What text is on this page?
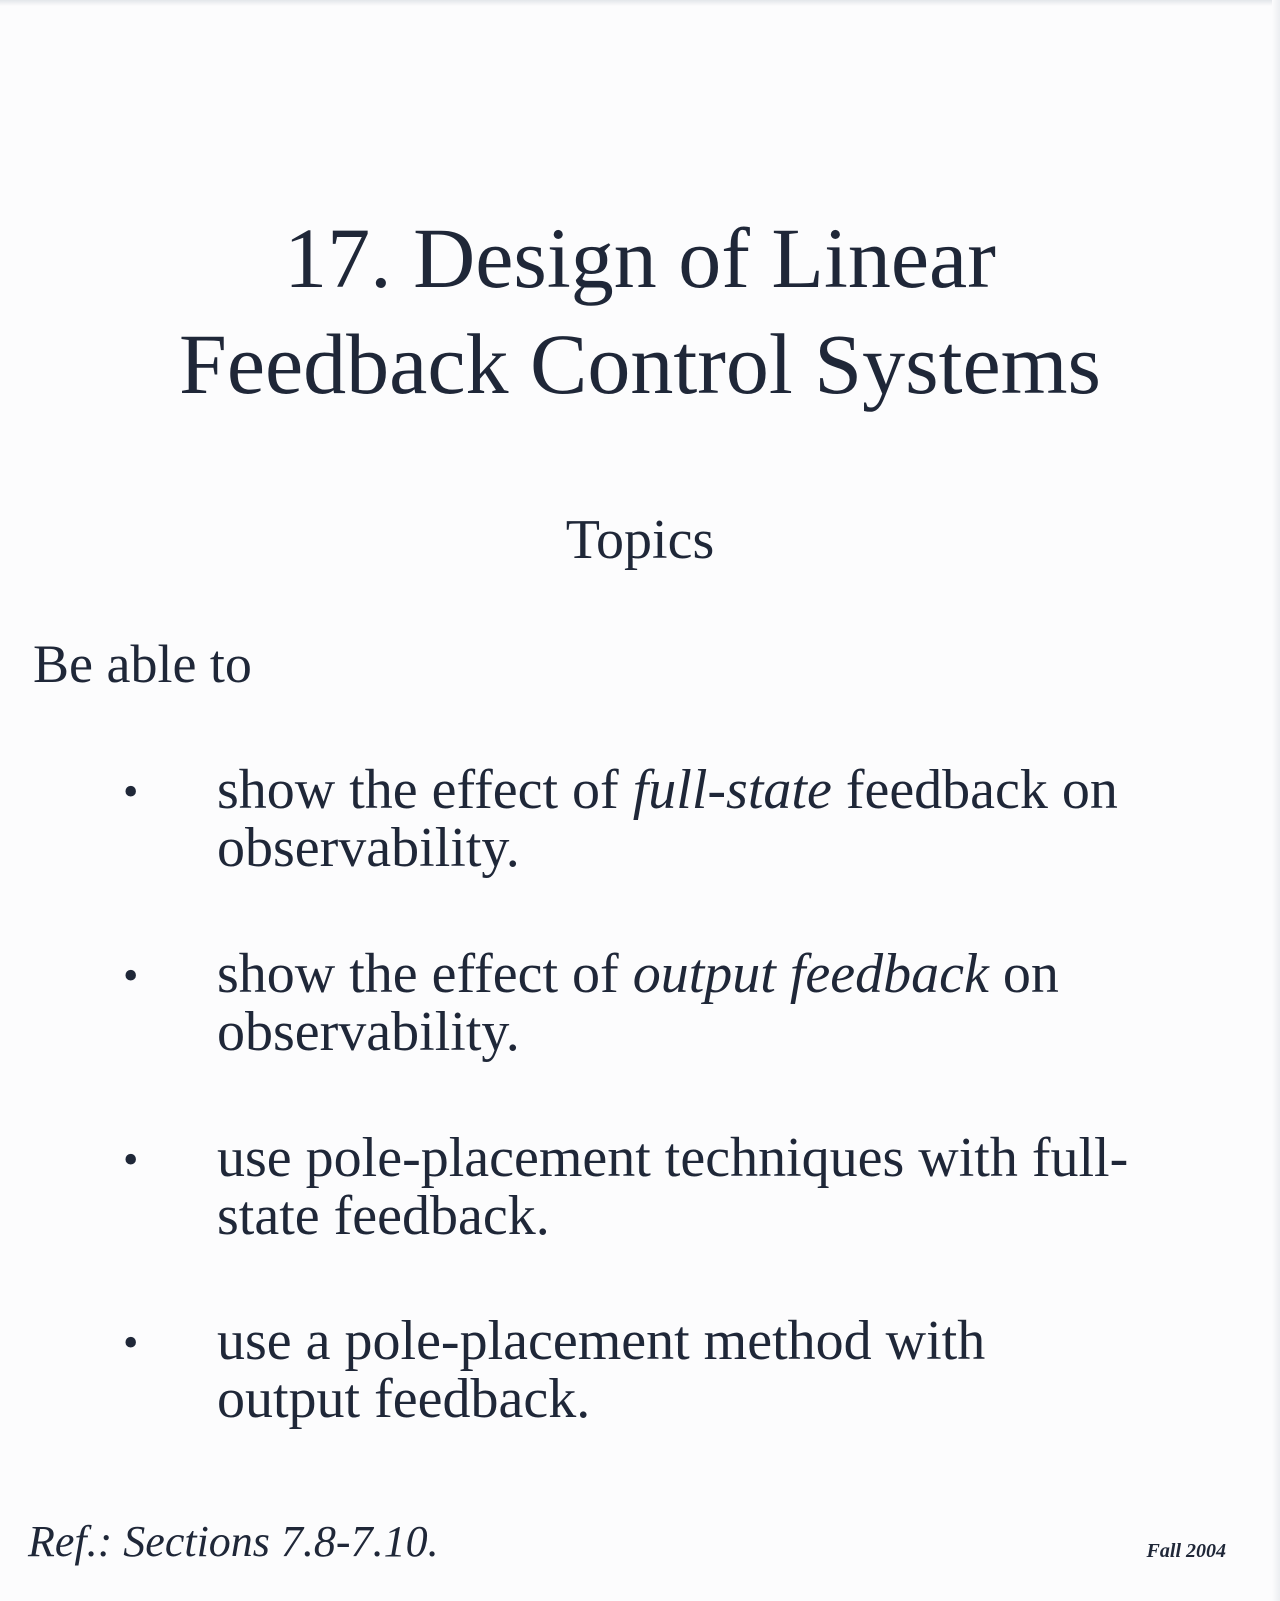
17. Design of Linear
Feedback Control Systems
Topics
Be able to
• show the effect of full-state feedback on
observability.
• show the effect of output feedback on
observability.
• use pole-placement techniques with full-
state feedback.
• use a pole-placement method with
output feedback.
Ref.: Sections 7.8-7.10.	Fall 2004
